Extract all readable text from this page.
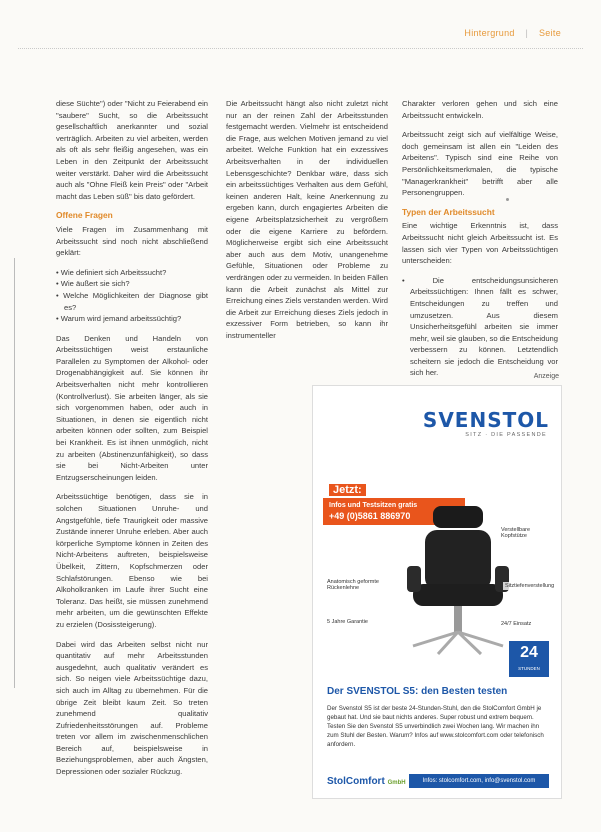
Hintergrund | Seite

diese Süchte") oder "Nicht zu Feierabend ein "saubere" Sucht, so die Arbeitssucht gesellschaftlich anerkannter und sozial verträglich. Arbeiten zu viel arbeiten, werden als oft als sehr fleißig angesehen, was ein Leben in den Zeitpunkt der Arbeitssucht weiter verstärkt. Daher wird die Arbeitssucht auch als "Ohne Fleiß kein Preis" oder "Arbeit macht das Leben süß" bis dato gefördert.

Offene Fragen

Viele Fragen im Zusammenhang mit Arbeitssucht sind noch nicht abschließend geklärt:

• Wie definiert sich Arbeitssucht?
• Wie äußert sie sich?
• Welche Möglichkeiten der Diagnose gibt es?
• Warum wird jemand arbeitssüchtig?

Das Denken und Handeln von Arbeitssüchtigen weist erstaunliche Parallelen zu Symptomen der Alkohol- oder Drogenabhängigkeit auf. Sie können ihr Arbeitsverhalten nicht mehr kontrollieren (Kontrollverlust). Sie arbeiten länger, als sie sich vorgenommen haben, oder auch in Situationen, in denen sie eigentlich nicht arbeiten können oder sollten, zum Beispiel bei Krankheit. Es ist ihnen unmöglich, nicht zu arbeiten (Abstinenzunfähigkeit), so dass sie bei Nicht-Arbeiten unter Entzugserscheinungen leiden.

Arbeitssüchtige benötigen, dass sie in solchen Situationen Unruhe- und Angstgefühle, tiefe Traurigkeit oder massive Zustände innerer Unruhe erleben. Aber auch körperliche Symptome können in Zeiten des Nicht-Arbeitens auftreten, beispielsweise Übelkeit, Zittern, Kopfschmerzen oder Schlafstörungen. Ebenso wie bei Alkoholkranken im Laufe ihrer Sucht eine Toleranz. Das heißt, sie müssen zunehmend mehr arbeiten, um die gewünschten Effekte zu erzielen (Dosissteigerung).

Dabei wird das Arbeiten selbst nicht nur quantitativ auf mehr Arbeitsstunden ausgedehnt, auch qualitativ verändert es sich. So neigen viele Arbeitssüchtige dazu, sich auch im Alltag zu übernehmen. Für die übrige Zeit bleibt kaum Zeit. So treten zunehmend qualitativ Zufriedenheitsstörungen auf. Probleme treten vor allem im zwischenmenschlichen Bereich auf, beispielsweise in Beziehungsproblemen, aber auch Ängsten, Depressionen oder sozialer Rückzug.

Die Arbeitssucht hängt also nicht zuletzt nicht nur an der reinen Zahl der Arbeitsstunden festgemacht werden. Vielmehr ist entscheidend die Frage, aus welchen Motiven jemand zu viel arbeitet. Welche Funktion hat ein exzessives Arbeitsverhalten in der individuellen Lebensgeschichte? Denkbar wäre, dass sich ein arbeitssüchtiges Verhalten aus dem Gefühl, keinen anderen Halt, keine Anerkennung zu ergeben kann, durch engagiertes Arbeiten die eigene Arbeitsplatzsicherheit zu vergrößern oder die eigene Karriere zu befördern. Möglicherweise ergibt sich eine Arbeitssucht aber auch aus dem Motiv, unangenehme Gefühle, Situationen oder Probleme zu verdrängen oder zu vermeiden. In beiden Fällen kann die Arbeit zunächst als Mittel zur Erreichung eines Ziels verstanden werden. Wird die Arbeit zur Erreichung dieses Ziels jedoch in exzessiver Form betrieben, so kann ihr instrumenteller

Charakter verloren gehen und sich eine Arbeitssucht entwickeln.

Arbeitssucht zeigt sich auf vielfältige Weise, doch gemeinsam ist allen ein "Leiden des Arbeitens". Typisch sind eine Reihe von Persönlichkeitsmerkmalen, die typische "Managerkrankheit" betrifft aber alle Personengruppen.

Typen der Arbeitssucht

Eine wichtige Erkenntnis ist, dass Arbeitssucht nicht gleich Arbeitssucht ist. Es lassen sich vier Typen von Arbeitssüchtigen unterscheiden:

• Die entscheidungsunsicheren Arbeitssüchtigen: Ihnen fällt es schwer, Entscheidungen zu treffen und umzusetzen. Aus diesem Unsicherheitsgefühl arbeiten sie immer mehr, weil sie glauben, so die Entscheidung verbessern zu können. Letztendlich scheitern sie jedoch die Entscheidung vor sich her.	Anzeige
SVENSTOL
SITZ · DIE PASSENDE
Infos und Testsitzen gratis
+49 (0)5861 886970
Jetzt:
Verstellbare Kopfstütze
Anatomisch geformte Rückenlehne	Sitztiefenverstellung
5 Jahre Garantie	24/7 Einsatz
24
STUNDEN
Der SVENSTOL S5: den Besten testen
Der Svenstol S5 ist der beste 24-Stunden-Stuhl, den die StolComfort GmbH je gebaut hat. Und sie baut nichts anderes. Super robust und extrem bequem. Testen Sie den Svenstol S5 unverbindlich zwei Wochen lang. Wir machen ihn zum Stuhl der Besten. Warum? Infos auf www.stolcomfort.com oder telefonisch anfordern.
StolComfort GmbH	Infos: stolcomfort.com, info@svenstol.com
